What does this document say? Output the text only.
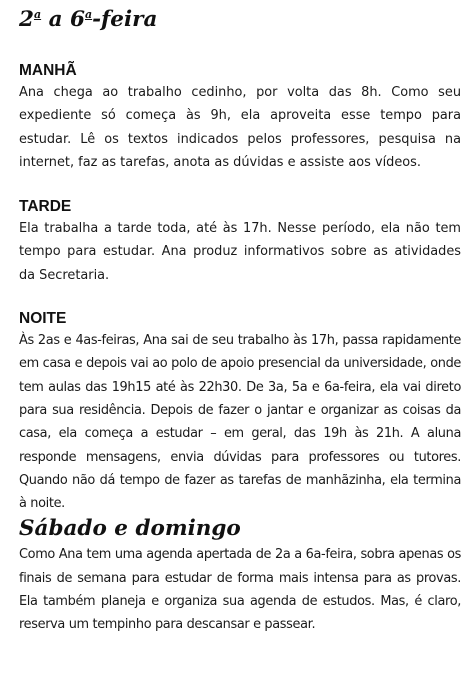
2$^a$ a 6$^a$-feira
MANHÃ

Ana chega ao trabalho cedinho, por volta das 8h. Como seu expediente só começa às 9h, ela aproveita esse tempo para estudar. Lê os textos indicados pelos professores, pesquisa na internet, faz as tarefas, anota as dúvidas e assiste aos vídeos.

TARDE

Ela trabalha a tarde toda, até às 17h. Nesse período, ela não tem tempo para estudar. Ana produz informativos sobre as atividades da Secretaria.

NOITE

Às 2as e 4as-feiras, Ana sai de seu trabalho às 17h, passa rapidamente em casa e depois vai ao polo de apoio presencial da universidade, onde tem aulas das 19h15 até às 22h30. De 3a, 5a e 6a-feira, ela vai direto para sua residência. Depois de fazer o jantar e organizar as coisas da casa, ela começa a estudar – em geral, das 19h às 21h. A aluna responde mensagens, envia dúvidas para professores ou tutores. Quando não dá tempo de fazer as tarefas de manhãzinha, ela termina à noite.

Sábado e domingo

Como Ana tem uma agenda apertada de 2a a 6a-feira, sobra apenas os finais de semana para estudar de forma mais intensa para as provas. Ela também planeja e organiza sua agenda de estudos. Mas, é claro, reserva um tempinho para descansar e passear.
